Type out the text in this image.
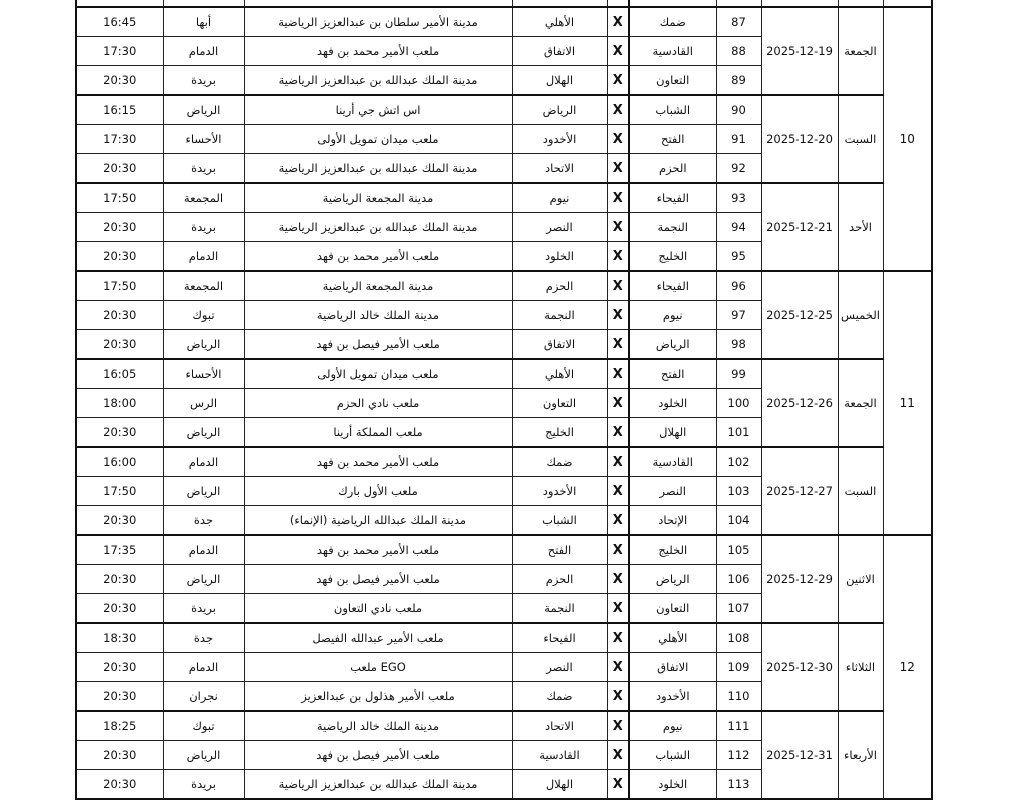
16:45	أبها	مدينة الأمير سلطان بن عبدالعزيز الرياضية	الأهلي	X	ضمك	87	2025-12-19	الجمعة	10
17:30	الدمام	ملعب الأمير محمد بن فهد	الاتفاق	X	القادسية	88			
20:30	بريدة	مدينة الملك عبدالله بن عبدالعزيز الرياضية	الهلال	X	التعاون	89			
16:15	الرياض	اس اتش جي أرينا	الرياض	X	الشباب	90	2025-12-20	السبت	
17:30	الأحساء	ملعب ميدان تمويل الأولى	الأخدود	X	الفتح	91			
20:30	بريدة	مدينة الملك عبدالله بن عبدالعزيز الرياضية	الاتحاد	X	الحزم	92			
17:50	المجمعة	مدينة المجمعة الرياضية	نيوم	X	الفيحاء	93	2025-12-21	الأحد	
20:30	بريدة	مدينة الملك عبدالله بن عبدالعزيز الرياضية	النصر	X	النجمة	94			
20:30	الدمام	ملعب الأمير محمد بن فهد	الخلود	X	الخليج	95			
17:50	المجمعة	مدينة المجمعة الرياضية	الحزم	X	الفيحاء	96	2025-12-25	الخميس	11
20:30	تبوك	مدينة الملك خالد الرياضية	النجمة	X	نيوم	97			
20:30	الرياض	ملعب الأمير فيصل بن فهد	الاتفاق	X	الرياض	98			
16:05	الأحساء	ملعب ميدان تمويل الأولى	الأهلي	X	الفتح	99	2025-12-26	الجمعة	
18:00	الرس	ملعب نادي الحزم	التعاون	X	الخلود	100			
20:30	الرياض	ملعب المملكة أرينا	الخليج	X	الهلال	101			
16:00	الدمام	ملعب الأمير محمد بن فهد	ضمك	X	القادسية	102	2025-12-27	السبت	
17:50	الرياض	ملعب الأول بارك	الأخدود	X	النصر	103			
20:30	جدة	مدينة الملك عبدالله الرياضية (الإنماء)	الشباب	X	الإتحاد	104			
17:35	الدمام	ملعب الأمير محمد بن فهد	الفتح	X	الخليج	105	2025-12-29	الاثنين	12
20:30	الرياض	ملعب الأمير فيصل بن فهد	الحزم	X	الرياض	106			
20:30	بريدة	ملعب نادي التعاون	النجمة	X	التعاون	107			
18:30	جدة	ملعب الأمير عبدالله الفيصل	الفيحاء	X	الأهلي	108	2025-12-30	الثلاثاء	
20:30	الدمام	ملعب EGO	النصر	X	الاتفاق	109			
20:30	نجران	ملعب الأمير هذلول بن عبدالعزيز	ضمك	X	الأخدود	110			
18:25	تبوك	مدينة الملك خالد الرياضية	الاتحاد	X	نيوم	111	2025-12-31	الأربعاء	
20:30	الرياض	ملعب الأمير فيصل بن فهد	القادسية	X	الشباب	112			
20:30	بريدة	مدينة الملك عبدالله بن عبدالعزيز الرياضية	الهلال	X	الخلود	113			
